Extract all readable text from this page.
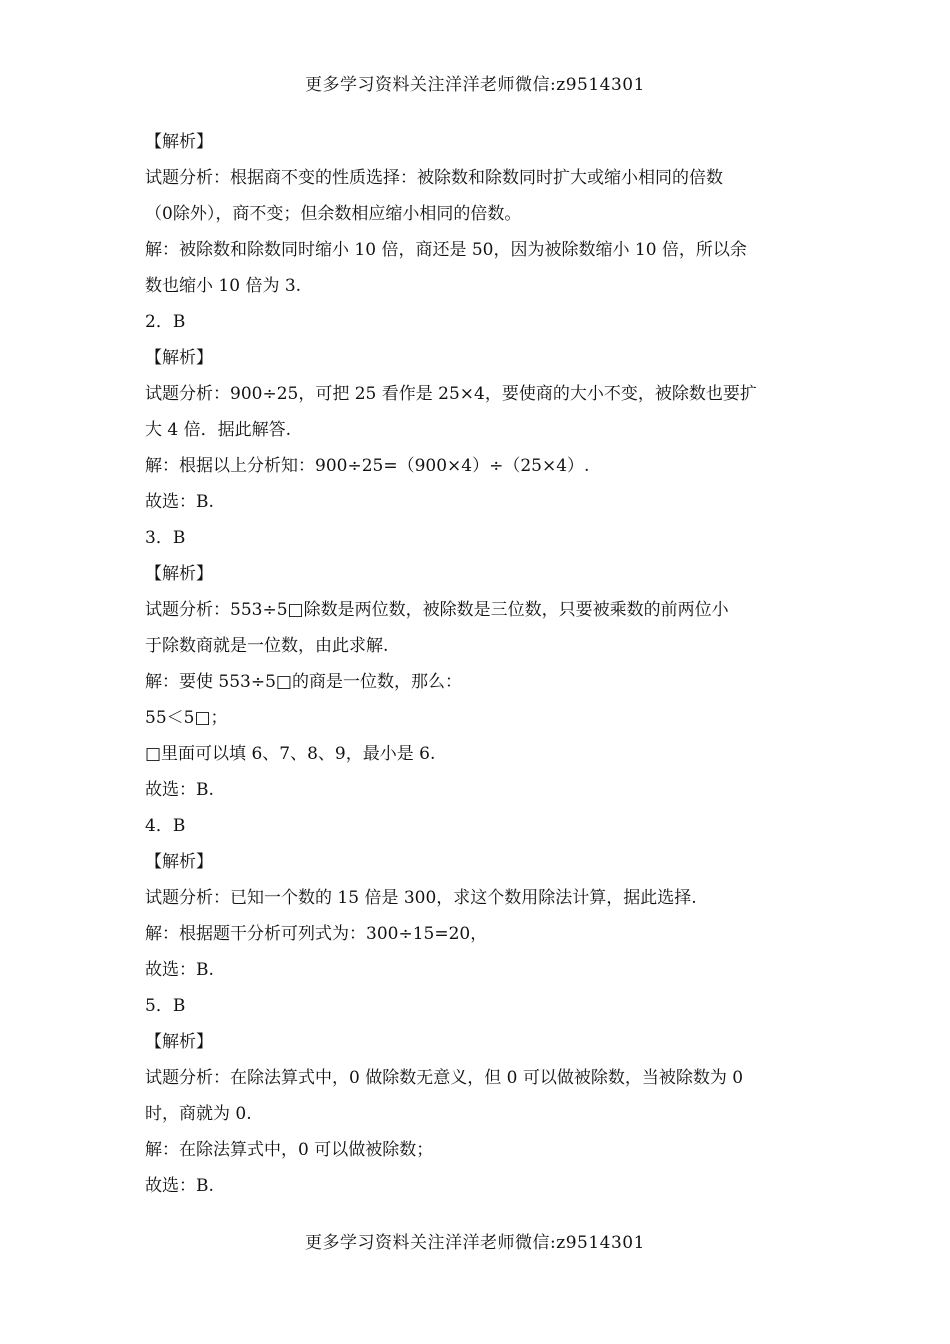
更多学习资料关注洋洋老师微信:z9514301
【解析】
试题分析：根据商不变的性质选择：被除数和除数同时扩大或缩小相同的倍数
（0除外），商不变；但余数相应缩小相同的倍数。
解：被除数和除数同时缩小 10 倍，商还是 50，因为被除数缩小 10 倍，所以余
数也缩小 10 倍为 3.
2．B
【解析】
试题分析：900÷25，可把 25 看作是 25×4，要使商的大小不变，被除数也要扩
大 4 倍．据此解答.
解：根据以上分析知：900÷25=（900×4）÷（25×4）.
故选：B.
3．B
【解析】
试题分析：553÷5□除数是两位数，被除数是三位数，只要被乘数的前两位小
于除数商就是一位数，由此求解.
解：要使 553÷5□的商是一位数，那么：
55＜5□；
□里面可以填 6、7、8、9，最小是 6.
故选：B.
4．B
【解析】
试题分析：已知一个数的 15 倍是 300，求这个数用除法计算，据此选择.
解：根据题干分析可列式为：300÷15=20，
故选：B.
5．B
【解析】
试题分析：在除法算式中，0 做除数无意义，但 0 可以做被除数，当被除数为 0
时，商就为 0.
解：在除法算式中，0 可以做被除数；
故选：B.
更多学习资料关注洋洋老师微信:z9514301
